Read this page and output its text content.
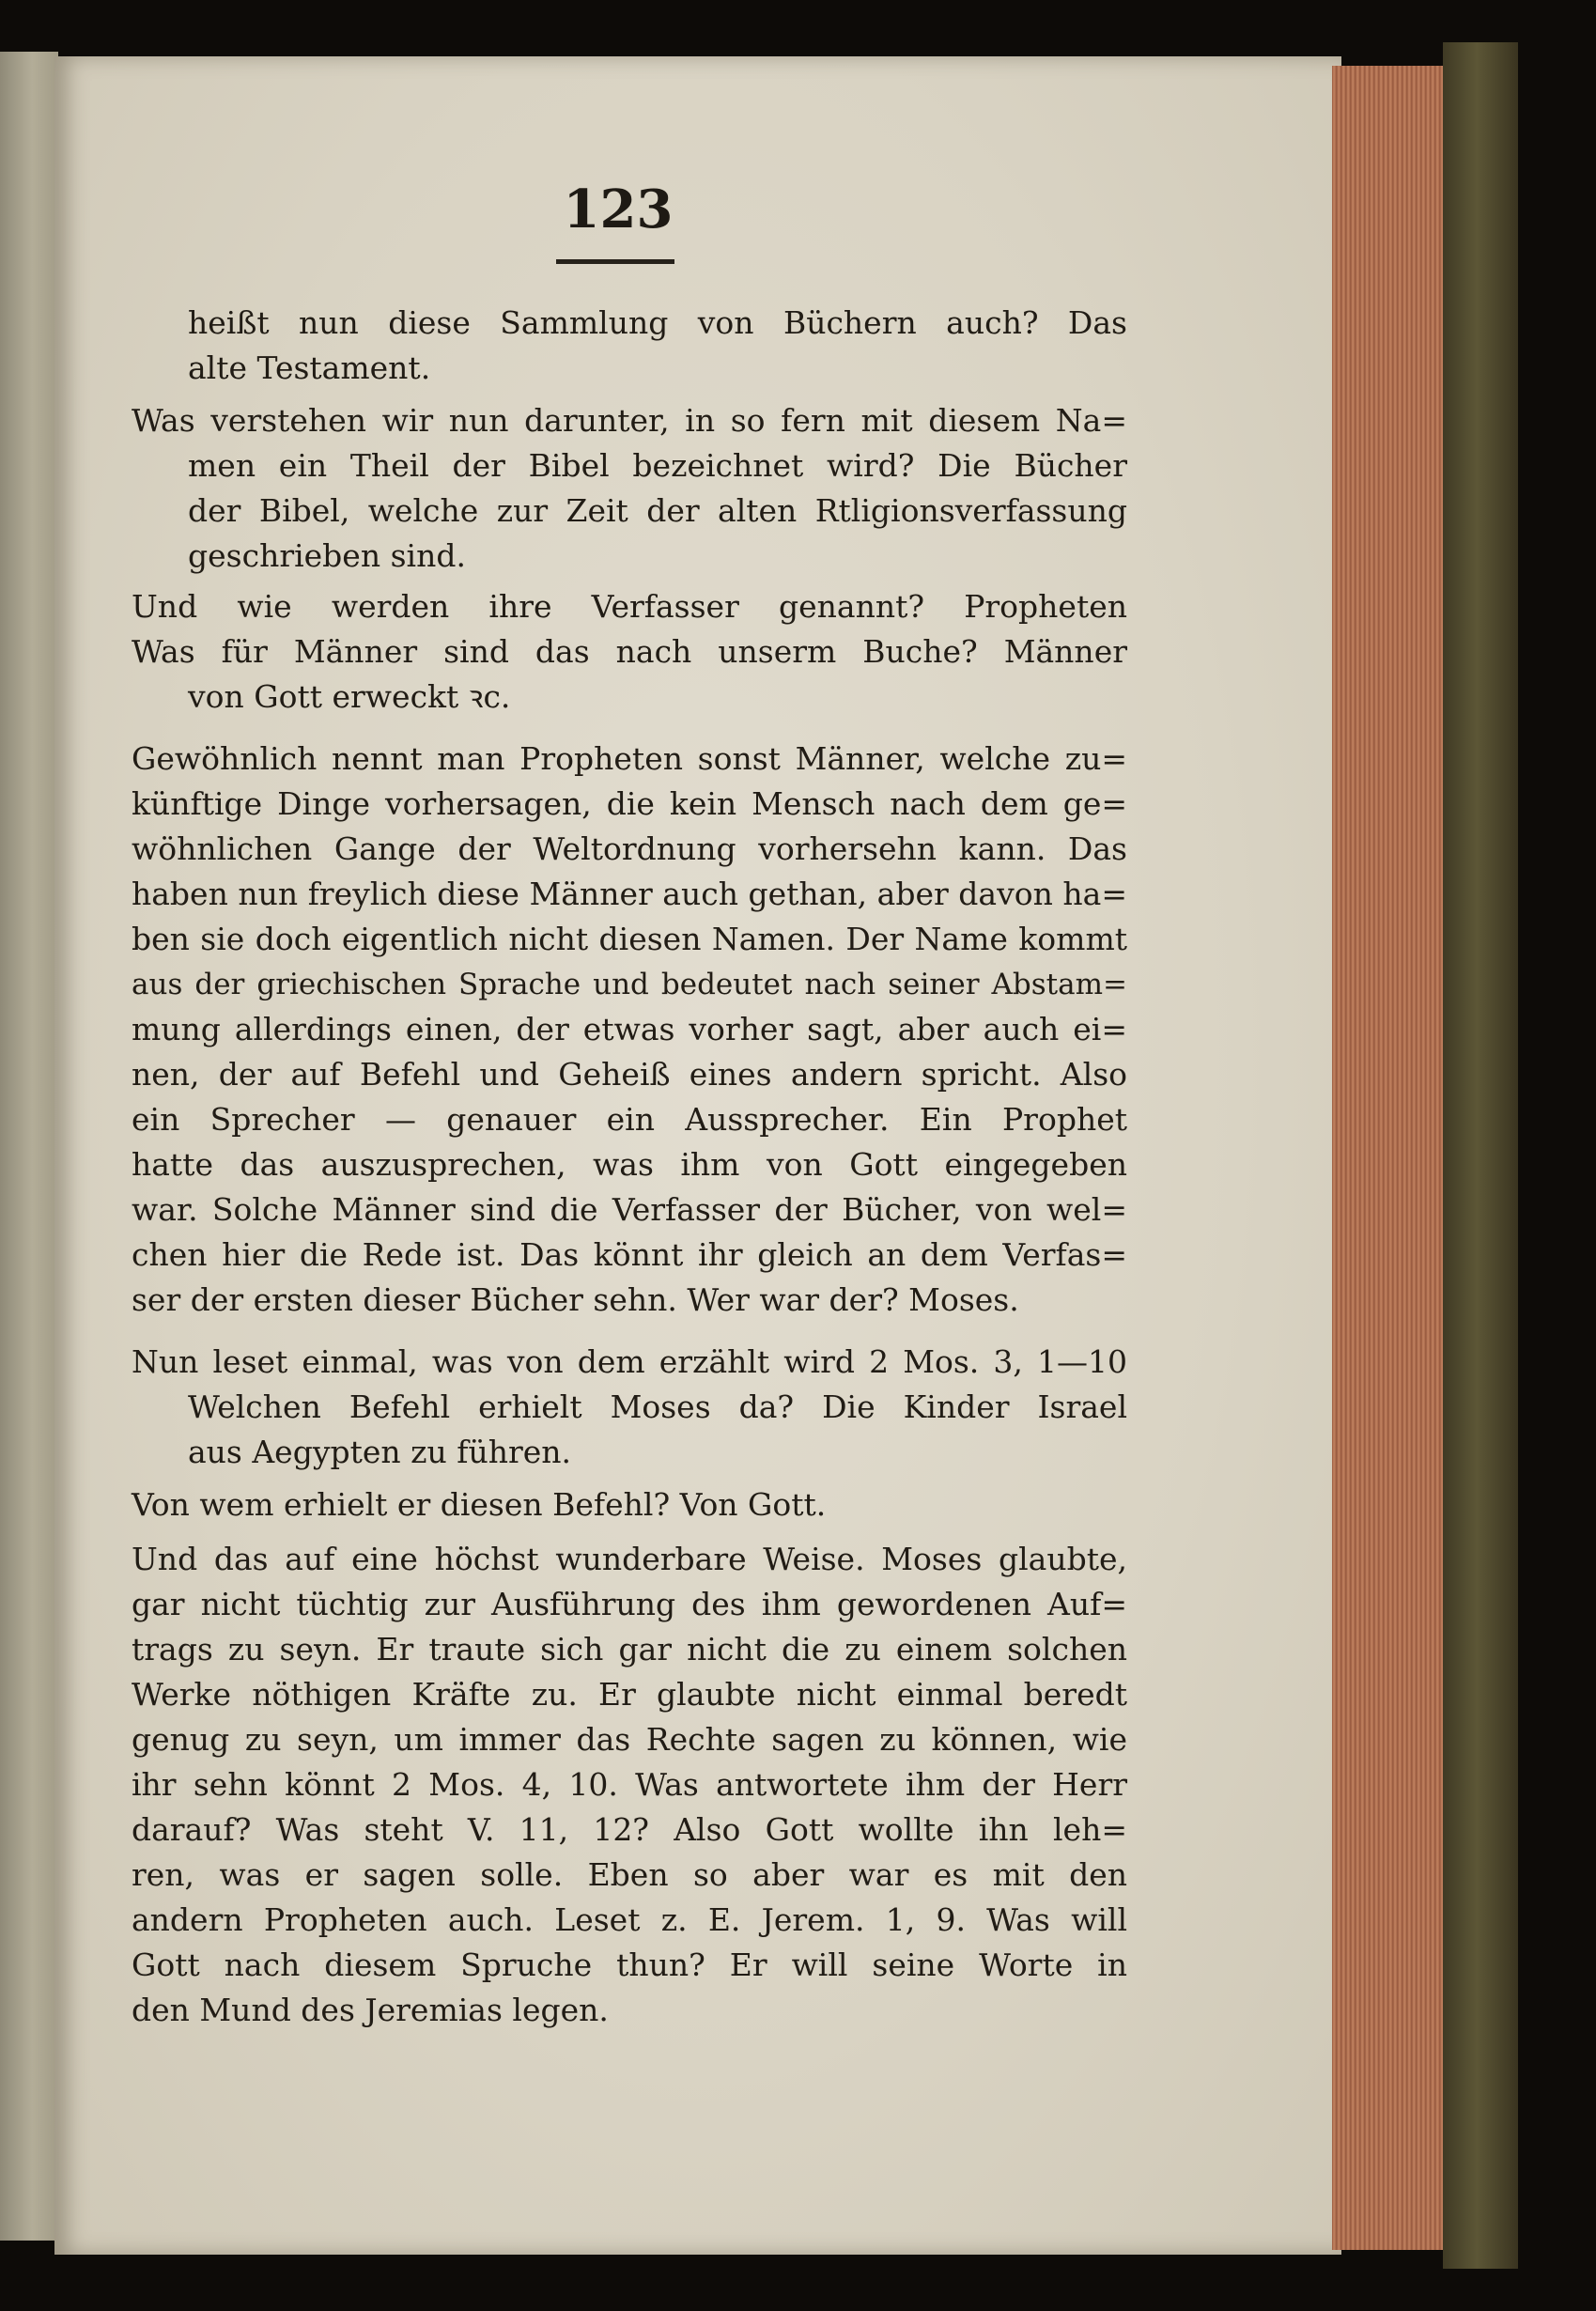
123
heißt nun diese Sammlung von Büchern auch? Das
alte Testament.
Was verstehen wir nun darunter, in so fern mit diesem Na=
men ein Theil der Bibel bezeichnet wird? Die Bücher
der Bibel, welche zur Zeit der alten Rtligionsverfassung
geschrieben sind.
Und wie werden ihre Verfasser genannt? Propheten
Was für Männer sind das nach unserm Buche? Männer
von Gott erweckt ꝛc.
Gewöhnlich nennt man Propheten sonst Männer, welche zu=
künftige Dinge vorhersagen, die kein Mensch nach dem ge=
wöhnlichen Gange der Weltordnung vorhersehn kann. Das
haben nun freylich diese Männer auch gethan, aber davon ha=
ben sie doch eigentlich nicht diesen Namen. Der Name kommt
aus der griechischen Sprache und bedeutet nach seiner Abstam=
mung allerdings einen, der etwas vorher sagt, aber auch ei=
nen, der auf Befehl und Geheiß eines andern spricht. Also
ein Sprecher — genauer ein Aussprecher. Ein Prophet
hatte das auszusprechen, was ihm von Gott eingegeben
war. Solche Männer sind die Verfasser der Bücher, von wel=
chen hier die Rede ist. Das könnt ihr gleich an dem Verfas=
ser der ersten dieser Bücher sehn. Wer war der? Moses.
Nun leset einmal, was von dem erzählt wird 2 Mos. 3, 1—10
Welchen Befehl erhielt Moses da? Die Kinder Israel
aus Aegypten zu führen.
Von wem erhielt er diesen Befehl? Von Gott.
Und das auf eine höchst wunderbare Weise. Moses glaubte,
gar nicht tüchtig zur Ausführung des ihm gewordenen Auf=
trags zu seyn. Er traute sich gar nicht die zu einem solchen
Werke nöthigen Kräfte zu. Er glaubte nicht einmal beredt
genug zu seyn, um immer das Rechte sagen zu können, wie
ihr sehn könnt 2 Mos. 4, 10. Was antwortete ihm der Herr
darauf? Was steht V. 11, 12? Also Gott wollte ihn leh=
ren, was er sagen solle. Eben so aber war es mit den
andern Propheten auch. Leset z. E. Jerem. 1, 9. Was will
Gott nach diesem Spruche thun? Er will seine Worte in
den Mund des Jeremias legen.
